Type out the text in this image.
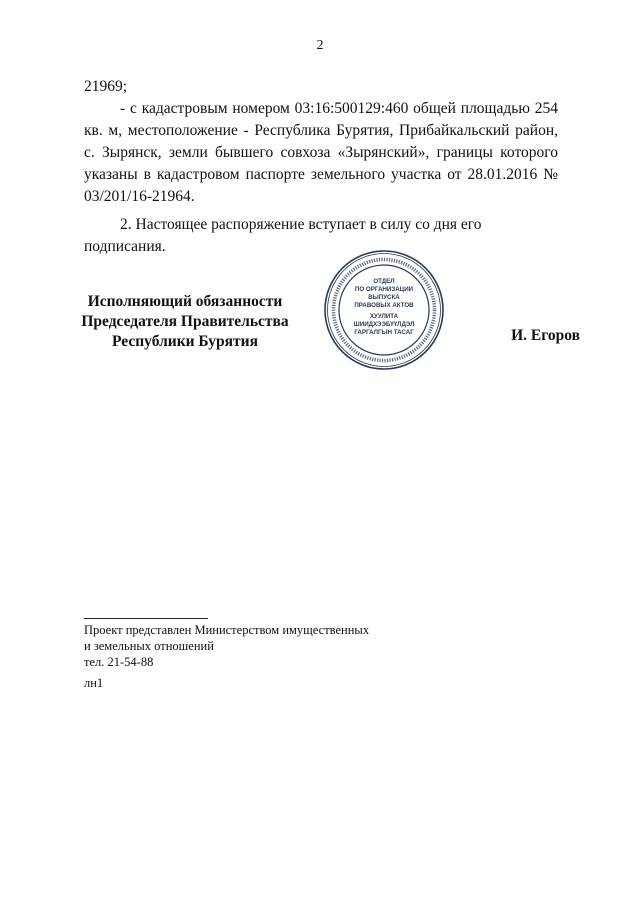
2

21969;

- с кадастровым номером 03:16:500129:460 общей площадью 254 кв. м, местоположение - Республика Бурятия, Прибайкальский район, с. Зырянск, земли бывшего совхоза «Зырянский», границы которого указаны в кадастровом паспорте земельного участка от 28.01.2016 № 03/201/16-21964.

2. Настоящее распоряжение вступает в силу со дня его подписания.

Исполняющий обязанности
Председателя Правительства
Республики Бурятия
ОТДЕЛ
ПО ОРГАНИЗАЦИИ
ВЫПУСКА
ПРАВОВЫХ АКТОВ
ХУУЛИТА
ШИИДХЭЭБҮҮЛДЭЛ
ГАРГАЛГЫН ТАСАГ	И. Егоров
Проект представлен Министерством имущественных
и земельных отношений
тел. 21-54-88
лн1
